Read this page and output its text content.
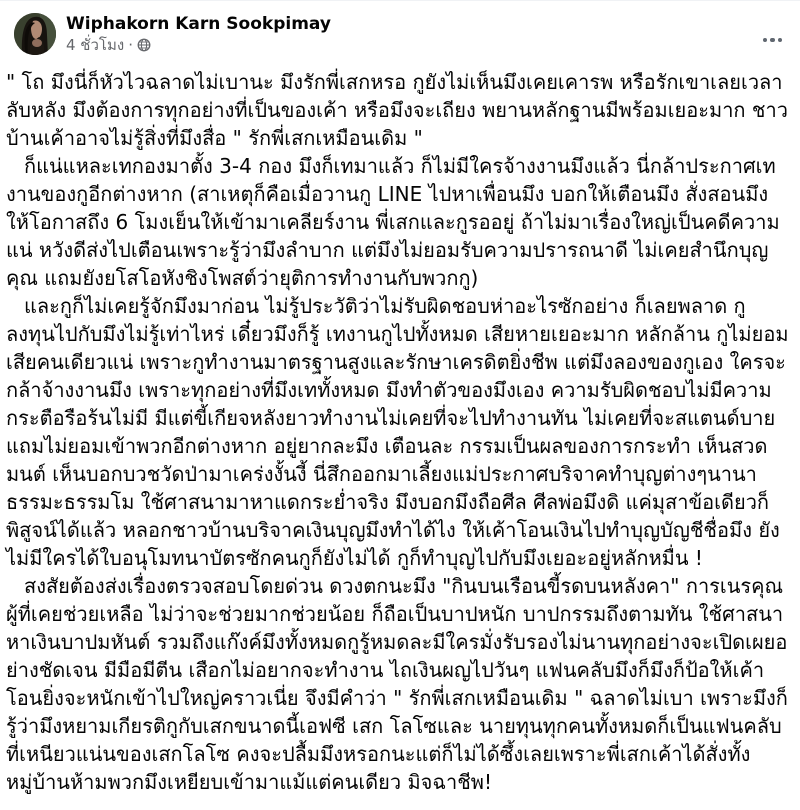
Wiphakorn Karn Sookpimay
4 ชั่วโมง ·

" โถ มึงนี่ก็หัวไวฉลาดไม่เบานะ มึงรักพี่เสกหรอ กูยังไม่เห็นมึงเคยเคารพ หรือรักเขาเลยเวลาลับหลัง มึงต้องการทุกอย่างที่เป็นของเค้า หรือมึงจะเถียง พยานหลักฐานมีพร้อมเยอะมาก ชาวบ้านเค้าอาจไม่รู้สิ่งที่มึงสื่อ " รักพี่เสกเหมือนเดิม "

ก็แน่แหละเทกองมาตั้ง 3-4 กอง มึงก็เทมาแล้ว ก็ไม่มีใครจ้างงานมึงแล้ว นี่กล้าประกาศเทงานของกูอีกต่างหาก (สาเหตุก็คือเมื่อวานกู LINE ไปหาเพื่อนมึง บอกให้เตือนมึง สั่งสอนมึงให้โอกาสถึง 6 โมงเย็นให้เข้ามาเคลียร์งาน พี่เสกและกูรออยู่ ถ้าไม่มาเรื่องใหญ่เป็นคดีความแน่ หวังดีส่งไปเตือนเพราะรู้ว่ามึงลำบาก แต่มึงไม่ยอมรับความปรารถนาดี ไม่เคยสำนึกบุญคุณ แถมยังยโสโอหังชิงโพสต์ว่ายุติการทำงานกับพวกกู)

และกูก็ไม่เคยรู้จักมึงมาก่อน ไม่รู้ประวัติว่าไม่รับผิดชอบห่าอะไรซักอย่าง ก็เลยพลาด กูลงทุนไปกับมึงไม่รู้เท่าไหร่ เดี๋ยวมึงก็รู้ เทงานกูไปทั้งหมด เสียหายเยอะมาก หลักล้าน กูไม่ยอมเสียคนเดียวแน่ เพราะกูทำงานมาตรฐานสูงและรักษาเครดิตยิ่งชีพ แต่มึงลองของกูเอง ใครจะกล้าจ้างงานมึง เพราะทุกอย่างที่มึงเททั้งหมด มึงทำตัวของมึงเอง ความรับผิดชอบไม่มีความกระตือรือร้นไม่มี มีแต่ขี้เกียจหลังยาวทำงานไม่เคยที่จะไปทำงานทัน ไม่เคยที่จะสแตนด์บาย แถมไม่ยอมเข้าพวกอีกต่างหาก อยู่ยากละมึง เตือนละ กรรมเป็นผลของการกระทำ เห็นสวดมนต์ เห็นบอกบวชวัดป่ามาเคร่งงั้นงี้ นี่สึกออกมาเลี้ยงแม่ประกาศบริจาคทำบุญต่างๆนานา ธรรมะธรรมโม ใช้ศาสนามาหาแดกระย่ำจริง มึงบอกมึงถือศีล ศีลพ่อมึงดิ แค่มุสาข้อเดียวก็พิสูจน์ได้แล้ว หลอกชาวบ้านบริจาคเงินบุญมึงทำได้ไง ให้เค้าโอนเงินไปทำบุญบัญชีชื่อมึง ยังไม่มีใครได้ใบอนุโมทนาบัตรซักคนกูก็ยังไม่ได้ กูก็ทำบุญไปกับมึงเยอะอยู่หลักหมื่น !

สงสัยต้องส่งเรื่องตรวจสอบโดยด่วน ดวงตกนะมึง "กินบนเรือนขี้รดบนหลังคา" การเนรคุณผู้ที่เคยช่วยเหลือ ไม่ว่าจะช่วยมากช่วยน้อย ก็ถือเป็นบาปหนัก บาปกรรมถึงตามทัน ใช้ศาสนาหาเงินบาปมหันต์ รวมถึงแก๊งค์มึงทั้งหมดกูรู้หมดละมีใครมั่งรับรองไม่นานทุกอย่างจะเปิดเผยอย่างชัดเจน มีมือมีตีน เสือกไม่อยากจะทำงาน ไถเงินผญไปวันๆ แฟนคลับมึงก็มึงก็ป้อให้เค้าโอนยิ่งจะหนักเข้าไปใหญ่คราวเนี่ย จึงมีคำว่า " รักพี่เสกเหมือนเดิม " ฉลาดไม่เบา เพราะมึงก็รู้ว่ามึงหยามเกียรติกูกับเสกขนาดนี้เอฟซี เสก โลโซและ นายทุนทุกคนทั้งหมดก็เป็นแฟนคลับที่เหนียวแน่นของเสกโลโซ คงจะปลื้มมึงหรอกนะแต่ก็ไม่ได้ซึ้งเลยเพราะพี่เสกเค้าได้สั่งทั้งหมู่บ้านห้ามพวกมึงเหยียบเข้ามาแม้แต่คนเดียว มิจฉาชีพ!
